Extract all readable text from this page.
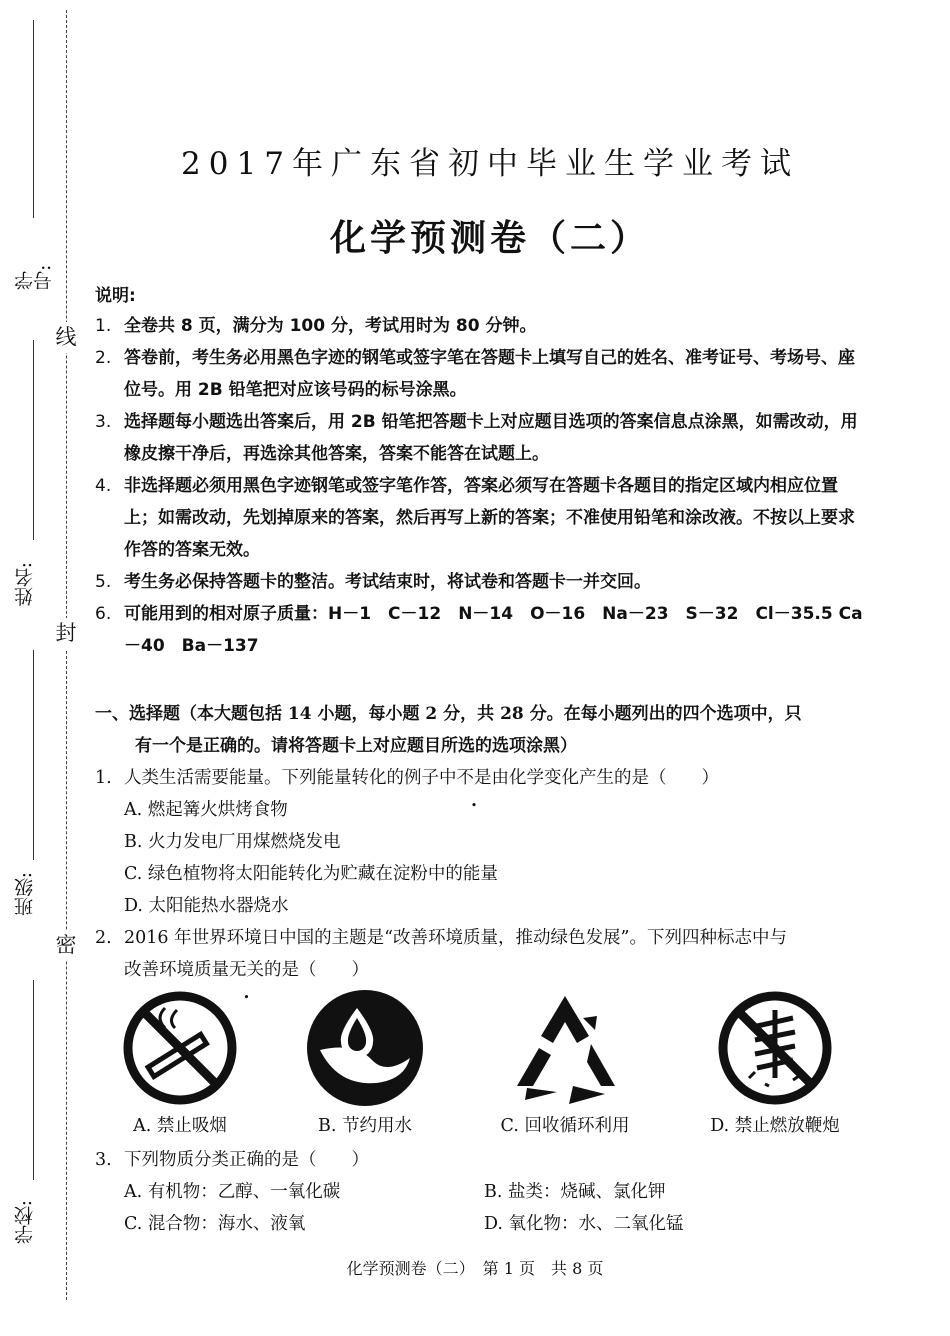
学号:
姓名:
班级:
学校:
线
封
密
2017年广东省初中毕业生学业考试
化学预测卷（二）
说明:
1. 全卷共 8 页，满分为 100 分，考试用时为 80 分钟。
2. 答卷前，考生务必用黑色字迹的钢笔或签字笔在答题卡上填写自己的姓名、准考证号、考场号、座位号。用 2B 铅笔把对应该号码的标号涂黑。
3. 选择题每小题选出答案后，用 2B 铅笔把答题卡上对应题目选项的答案信息点涂黑，如需改动，用橡皮擦干净后，再选涂其他答案，答案不能答在试题上。
4. 非选择题必须用黑色字迹钢笔或签字笔作答，答案必须写在答题卡各题目的指定区域内相应位置上；如需改动，先划掉原来的答案，然后再写上新的答案；不准使用铅笔和涂改液。不按以上要求作答的答案无效。
5. 考生务必保持答题卡的整洁。考试结束时，将试卷和答题卡一并交回。
6. 可能用到的相对原子质量：H－1　C－12　N－14　O－16　Na－23　S－32　Cl－35.5 Ca－40　Ba－137
一、选择题（本大题包括 14 小题，每小题 2 分，共 28 分。在每小题列出的四个选项中，只
有一个是正确的。请将答题卡上对应题目所选的选项涂黑）
1. 人类生活需要能量。下列能量转化的例子中不是由化学变化产生的是（　　）
A. 燃起篝火烘烤食物
B. 火力发电厂用煤燃烧发电
C. 绿色植物将太阳能转化为贮藏在淀粉中的能量
D. 太阳能热水器烧水
2. 2016 年世界环境日中国的主题是“改善环境质量，推动绿色发展”。下列四种标志中与
改善环境质量无关的是（　　）
A. 禁止吸烟	B. 节约用水	C. 回收循环利用	D. 禁止燃放鞭炮
3. 下列物质分类正确的是（　　）
A. 有机物：乙醇、一氧化碳	B. 盐类：烧碱、氯化钾
C. 混合物：海水、液氧	D. 氧化物：水、二氧化锰
化学预测卷（二）　第 1 页　共 8 页
